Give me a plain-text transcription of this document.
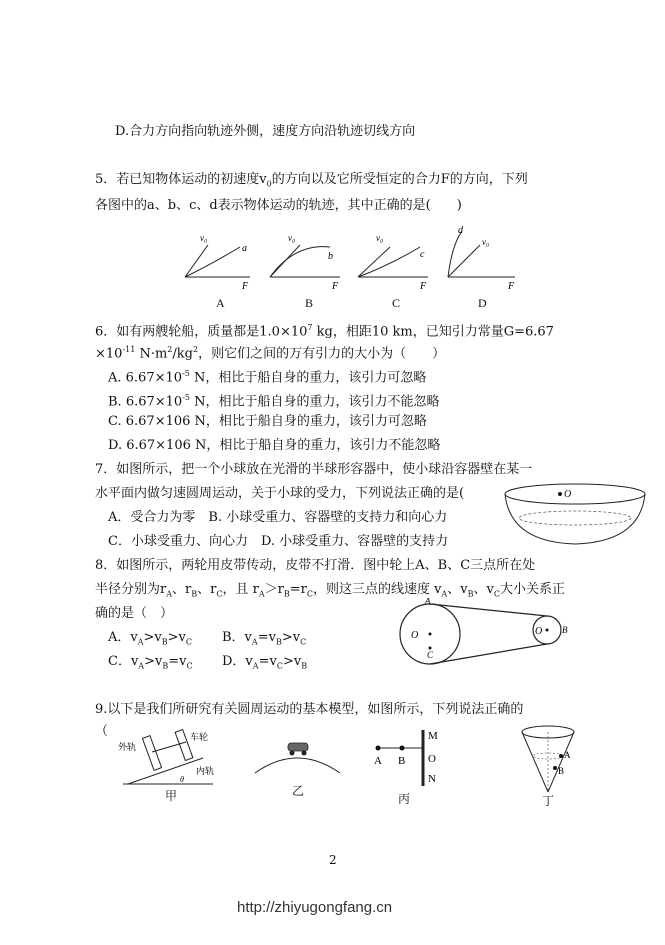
D.合力方向指向轨迹外侧，速度方向沿轨迹切线方向
5．若已知物体运动的初速度$v_0$的方向以及它所受恒定的合力F的方向，下列
各图中的a、b、c、d表示物体运动的轨迹，其中正确的是(　　)
v₀
a
F
v₀
b
F
v₀
c
F
d
v₀
F
A	B	C	D
6．如有两艘轮船，质量都是$1.0\times 10^7$ kg，相距10 km，已知引力常量G=6.67
$\times 10^{-11}$ $N\cdot m^2/kg^2$，则它们之间的万有引力的大小为（　　）
A. $6.67\times 10^{-5}$ N，相比于船自身的重力，该引力可忽略
B. $6.67\times 10^{-5}$ N，相比于船自身的重力，该引力不能忽略
C. 6.67×106 N，相比于船自身的重力，该引力可忽略
D. 6.67×106 N，相比于船自身的重力，该引力不能忽略
7．如图所示，把一个小球放在光滑的半球形容器中，使小球沿容器壁在某一
水平面内做匀速圆周运动，关于小球的受力，下列说法正确的是(
A．受合力为零　B. 小球受重力、容器壁的支持力和向心力
C．小球受重力、向心力　D. 小球受重力、容器壁的支持力
O
8．如图所示，两轮用皮带传动，皮带不打滑．图中轮上A、B、C三点所在处
半径分别为$r_A$、$r_B$、$r_C$，且 $r_A>r_B=r_C$，则这三点的线速度 $v_A$、$v_B$、$v_C$大小关系正
确的是（　）
A．$v_A>v_B>v_C$ B．$v_A=v_B>v_C$
C．$v_A>v_B=v_C$ D．$v_A=v_C>v_B$
O	O
A
B
C
9.以下是我们所研究有关圆周运动的基本模型，如图所示，下列说法正确的
（
θ
外轨
车轮
内轨
甲	乙
A B
M
O
N
丙
A
B
丁
2
http://zhiyugongfang.cn
